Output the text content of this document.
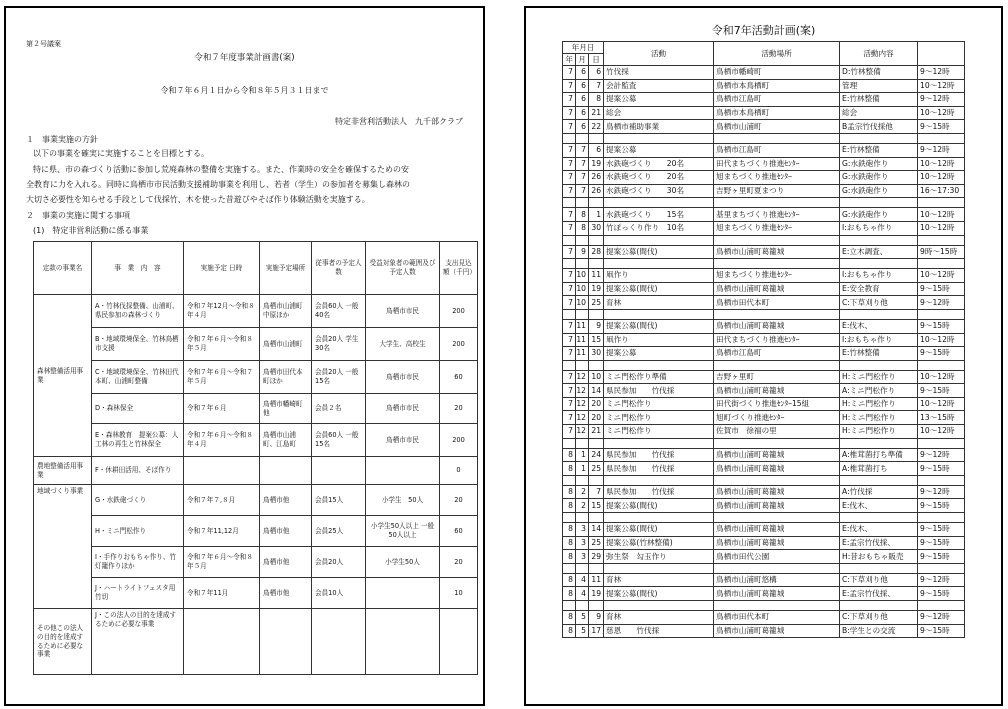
第２号議案
令和７年度事業計画書(案)
令和７年６月１日から令和８年５月３１日まで
特定非営利活動法人　九千部クラブ
１　事業実施の方針
以下の事業を確実に実施することを目標とする。
特に県、市の森づくり活動に参加し荒廃森林の整備を実施する。また、作業時の安全を確保するための安
全教育に力を入れる。同時に鳥栖市市民活動支援補助事業を利用し、若者（学生）の参加者を募集し森林の
大切さ必要性を知らせる手段として伐採竹、木を使った昔遊びやそば作り体験活動を実施する。
２　事業の実施に関する事項
(1)　特定非営利活動に係る事業
定款の事業名	事　業　内　容	実施予定 日時	実施予定場所	従事者の予定人数	受益対象者の範囲及び予定人数	支出見込額（千円）
森林整備活用事業	A・竹林伐採整備、山浦町、県民参加の森林づくり	令和７年12月～令和８年４月	鳥栖市山浦町中原ほか	会員60人 一般40名	鳥栖市市民	200
	B・地域環境保全、竹林鳥栖市支援	令和７年６月～令和８年５月	鳥栖市山浦町	会員20人 学生30名	大学生、高校生	200
	C・地域環境保全、竹林田代本町、山浦町整備	令和７年６月～令和７年５月	鳥栖市田代本町ほか	会員20人 一般15名	鳥栖市市民	60
	D・森林保全	令和７年６月	鳥栖市幡崎町他	会員２名	鳥栖市市民	20
	E・森林教育　提案公募：人工林の再生と竹林保全	令和７年６月～令和８年４月	鳥栖市山浦町、江島町	会員60人 一般15名	鳥栖市市民	200
農地整備活用事業	F・休耕田活用、そば作り					0
地域づくり事業	G・水鉄砲づくり	令和７年７,８月	鳥栖市他	会員15人	小学生　50人	20
	H・ミニ門松作り	令和７年11,12月	鳥栖市他	会員25人	小学生50人以上 一般50人以上	60
	I・手作りおもちゃ作り、竹灯籠作りほか	令和７年６月～令和８年５月	鳥栖市他	会員20人	小学生50人	20
	J・ハートライトフェスタ用竹切	令和７年11月	鳥栖市他	会員10人		10
その他この法人の目的を達成するために必要な事業	J・この法人の目的を達成するために必要な事業					
令和7年活動計画(案)
年月日			活動	活動場所	活動内容	
年	月	日				
7	6	6	竹伐採	鳥栖市幡崎町	D:竹林整備	9～12時
7	6	7	会計監査	鳥栖市本鳥栖町	管理	10～12時
7	6	8	提案公募	鳥栖市江島町	E:竹林整備	9～12時
7	6	21	総会	鳥栖市本鳥栖町	総会	10～12時
7	6	22	鳥栖市補助事業	鳥栖市山浦町	B孟宗竹伐採他	9～15時

7	7	6	提案公募	鳥栖市江島町	E:竹林整備	9～12時
7	7	19	水鉄砲づくり　　20名	田代まちづくり推進ｾﾝﾀｰ	G:水鉄砲作り	10～12時
7	7	26	水鉄砲づくり　　20名	旭まちづくり推進ｾﾝﾀｰ	G:水鉄砲作り	10～12時
7	7	26	水鉄砲づくり　　30名	吉野ヶ里町夏まつり	G:水鉄砲作り	16～17:30

7	8	1	水鉄砲づくり　　15名	基里まちづくり推進ｾﾝﾀｰ	G:水鉄砲作り	10～12時
7	8	30	竹ぽっくり作り　10名	旭まちづくり推進ｾﾝﾀｰ	I:おもちゃ作り	10～12時

7	9	28	提案公募(間伐)	鳥栖市山浦町葛籠城	E:立木調査、	9時～15時

7	10	11	凧作り	旭まちづくり推進ｾﾝﾀｰ	I:おもちゃ作り	10～12時
7	10	19	提案公募(間伐)	鳥栖市山浦町葛籠城	E:安全教育	9～15時
7	10	25	育林	鳥栖市田代本町	C:下草刈り他	9～12時

7	11	9	提案公募(間伐)	鳥栖市山浦町葛籠城	E:伐木、	9～15時
7	11	15	凧作り	田代まちづくり推進ｾﾝﾀｰ	I:おもちゃ作り	10～12時
7	11	30	提案公募	鳥栖市江島町	E:竹林整備	9～15時

7	12	10	ミニ門松作り準備	吉野ヶ里町	H:ミニ門松作り	10～12時
7	12	14	県民参加　　竹伐採	鳥栖市山浦町葛籠城	A:ミニ門松作り	9～15時
7	12	20	ミニ門松作り	田代街づくり推進ｾﾝﾀｰ15組	H:ミニ門松作り	10～12時
7	12	20	ミニ門松作り	旭町づくり推進ｾﾝﾀｰ	H:ミニ門松作り	13～15時
7	12	21	ミニ門松作り	佐賀市　徐福の里	H:ミニ門松作り	10～12時

8	1	24	県民参加　　竹伐採	鳥栖市山浦町葛籠城	A:椎茸菌打ち準備	9～12時
8	1	25	県民参加　　竹伐採	鳥栖市山浦町葛籠城	A:椎茸菌打ち	9～15時

8	2	7	県民参加　　竹伐採	鳥栖市山浦町葛籠城	A:竹伐採	9～12時
8	2	15	提案公募(間伐)	鳥栖市山浦町葛籠城	E:伐木、	9～15時

8	3	14	提案公募(間伐)	鳥栖市山浦町葛籠城	E:伐木、	9～15時
8	3	25	提案公募(竹林整備)	鳥栖市山浦町葛籠城	E:孟宗竹伐採、	9～15時
8	3	29	弥生祭　勾玉作り	鳥栖市田代公園	H:昔おもちゃ販売	9～15時

8	4	11	育林	鳥栖市山浦町悠構	C:下草刈り他	9～12時
8	4	19	提案公募(間伐)	鳥栖市山浦町葛籠城	E:孟宗竹伐採、	9～15時

8	5	9	育林	鳥栖市田代本町	C:下草刈り他	9～12時
8	5	17	慈恩　　竹伐採	鳥栖市山浦町葛籠城	B:学生との交流	9～15時
